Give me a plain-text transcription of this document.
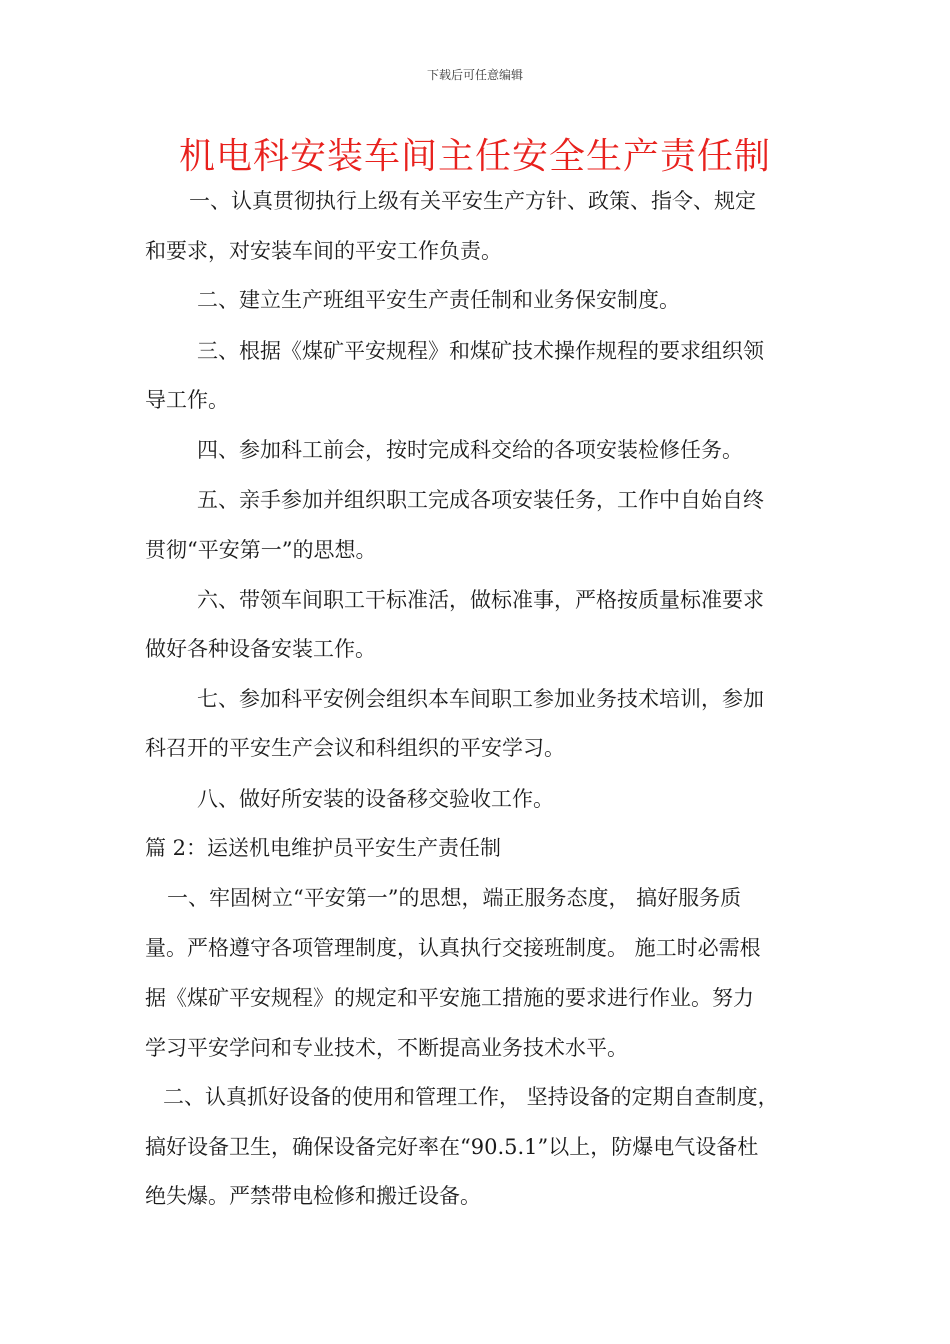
下载后可任意编辑
机电科安装车间主任安全生产责任制
一、认真贯彻执行上级有关平安生产方针、政策、指令、规定
和要求，对安装车间的平安工作负责。
二、建立生产班组平安生产责任制和业务保安制度。
三、根据《煤矿平安规程》和煤矿技术操作规程的要求组织领
导工作。
四、参加科工前会，按时完成科交给的各项安装检修任务。
五、亲手参加并组织职工完成各项安装任务，工作中自始自终
贯彻“平安第一”的思想。
六、带领车间职工干标准活，做标准事，严格按质量标准要求
做好各种设备安装工作。
七、参加科平安例会组织本车间职工参加业务技术培训，参加
科召开的平安生产会议和科组织的平安学习。
八、做好所安装的设备移交验收工作。
篇 2：运送机电维护员平安生产责任制
一、牢固树立“平安第一”的思想，端正服务态度， 搞好服务质
量。严格遵守各项管理制度，认真执行交接班制度。 施工时必需根
据《煤矿平安规程》的规定和平安施工措施的要求进行作业。努力
学习平安学问和专业技术，不断提高业务技术水平。
二、认真抓好设备的使用和管理工作， 坚持设备的定期自查制度，
搞好设备卫生，确保设备完好率在“90.5.1”以上，防爆电气设备杜
绝失爆。严禁带电检修和搬迁设备。
